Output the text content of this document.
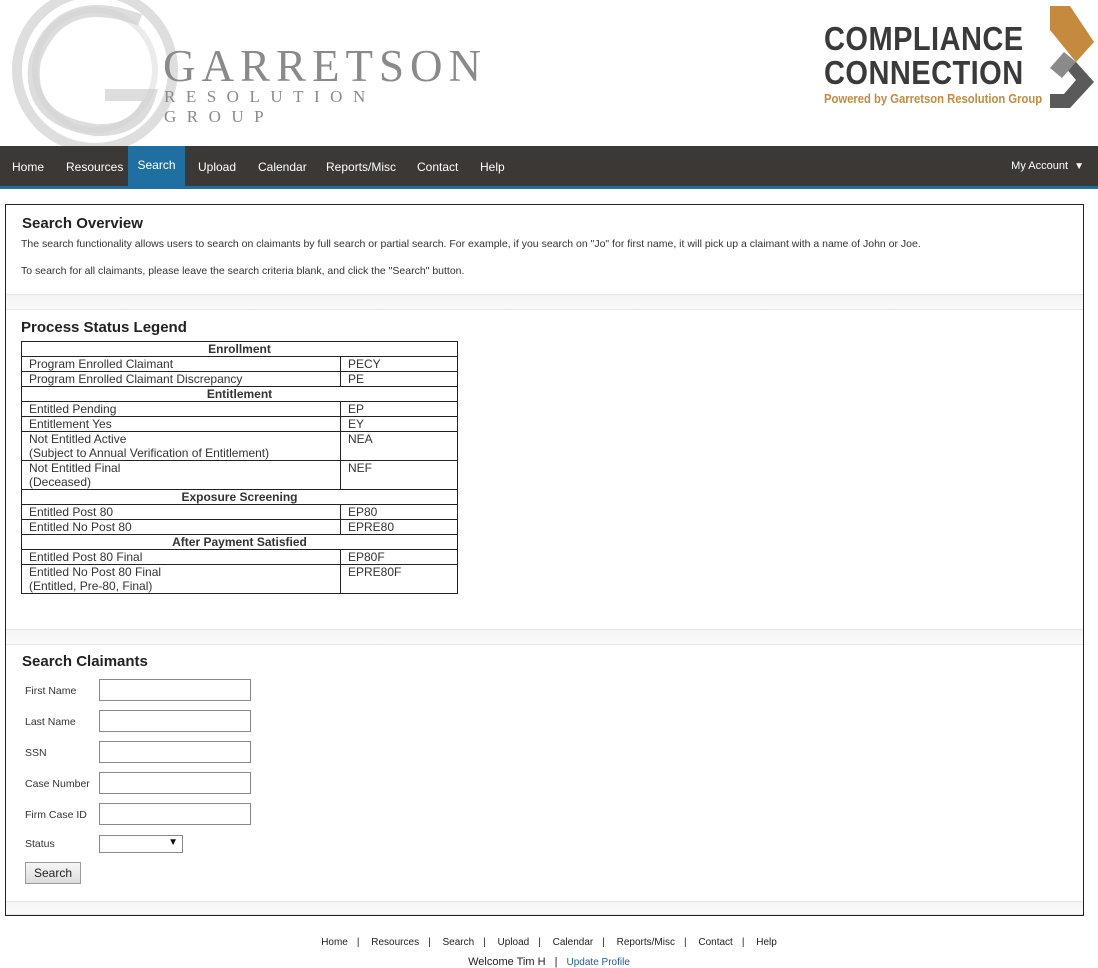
GARRETSON
RESOLUTION GROUP
COMPLIANCE
CONNECTION
Powered by Garretson Resolution Group
Home Resources	Search	Upload Calendar Reports/Misc Contact Help	My Account ▼
Search Overview
The search functionality allows users to search on claimants by full search or partial search. For example, if you search on "Jo" for first name, it will pick up a claimant with a name of John or Joe.
To search for all claimants, please leave the search criteria blank, and click the "Search" button.
Process Status Legend
Enrollment	
Program Enrolled Claimant	PECY
Program Enrolled Claimant Discrepancy	PE
Entitlement	
Entitled Pending	EP
Entitlement Yes	EY

Not Entitled Active
(Subject to Annual Verification of Entitlement)	NEA

Not Entitled Final
(Deceased)	NEF
Exposure Screening	
Entitled Post 80	EP80
Entitled No Post 80	EPRE80
After Payment Satisfied	
Entitled Post 80 Final	EP80F

Entitled No Post 80 Final
(Entitled, Pre-80, Final)	EPRE80F
Search Claimants
First Name
Last Name
SSN
Case Number
Firm Case ID
Status	▼
Search
Home | Resources | Search | Upload | Calendar | Reports/Misc | Contact | Help
Welcome Tim H | Update Profile
